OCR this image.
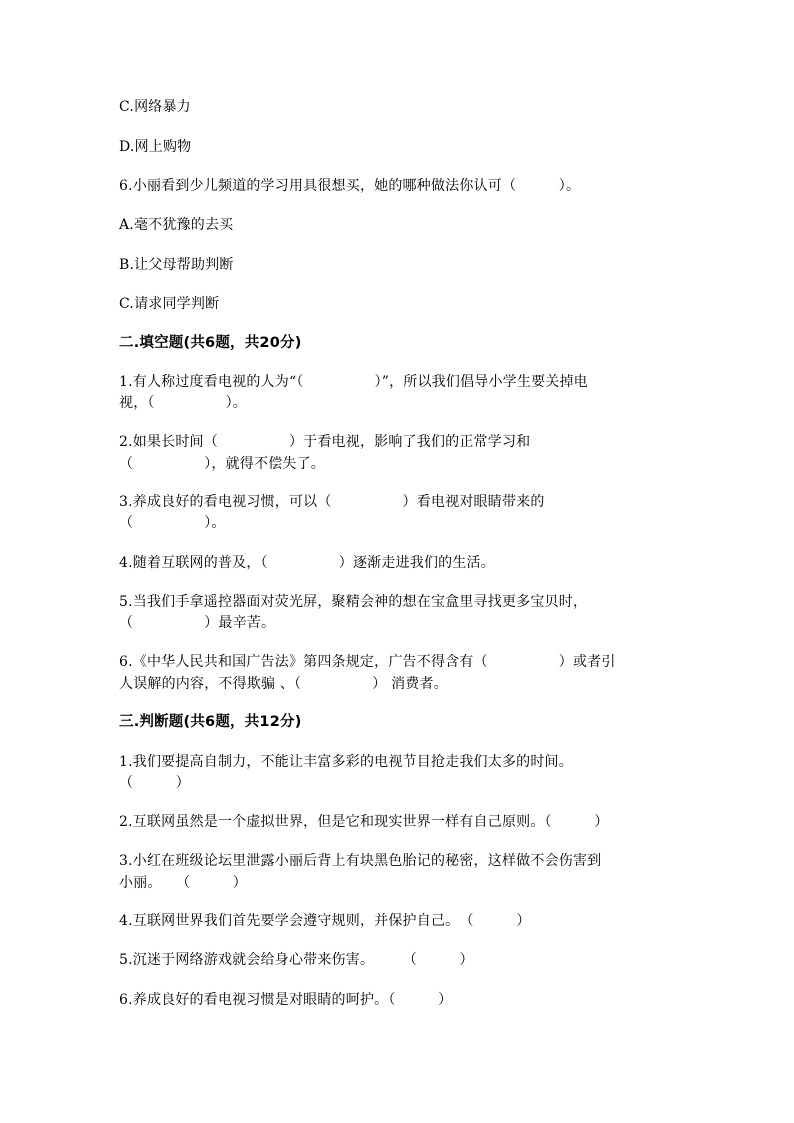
C.网络暴力
D.网上购物
6.小丽看到少儿频道的学习用具很想买，她的哪种做法你认可（　　　）。
A.毫不犹豫的去买
B.让父母帮助判断
C.请求同学判断
二.填空题(共6题，共20分)
1.有人称过度看电视的人为“（　　　　　）”，所以我们倡导小学生要关掉电
视，（　　　　　）。
2.如果长时间（　　　　　）于看电视，影响了我们的正常学习和
（　　　　　），就得不偿失了。
3.养成良好的看电视习惯，可以（　　　　　）看电视对眼睛带来的
（　　　　　）。
4.随着互联网的普及，（　　　　　）逐渐走进我们的生活。
5.当我们手拿遥控器面对荧光屏，聚精会神的想在宝盒里寻找更多宝贝时，
（　　　　　）最辛苦。
6.《中华人民共和国广告法》第四条规定，广告不得含有（　　　　　）或者引
人误解的内容，不得欺骗 、（　　　　　） 消费者。
三.判断题(共6题，共12分)
1.我们要提高自制力，不能让丰富多彩的电视节目抢走我们太多的时间。
（　　　）
2.互联网虽然是一个虚拟世界，但是它和现实世界一样有自己原则。（　　　）
3.小红在班级论坛里泄露小丽后背上有块黑色胎记的秘密，这样做不会伤害到
小丽。　　（　　　）
4.互联网世界我们首先要学会遵守规则，并保护自己。　（　　　）
5.沉迷于网络游戏就会给身心带来伤害。　　　（　　　）
6.养成良好的看电视习惯是对眼睛的呵护。（　　　）
